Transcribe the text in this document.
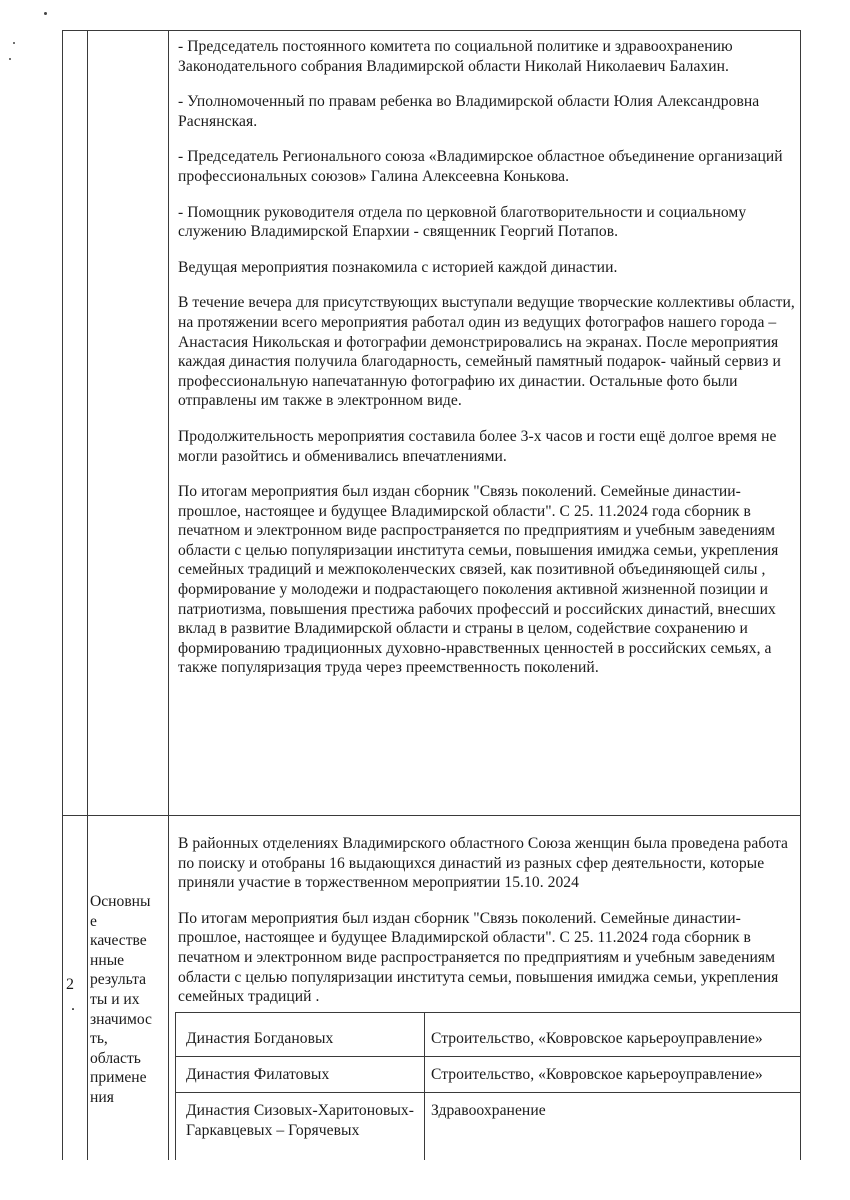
- Председатель постоянного комитета по социальной политике и здравоохранению Законодательного собрания Владимирской области Николай Николаевич Балахин.

- Уполномоченный по правам ребенка во Владимирской области Юлия Александровна Раснянская.

- Председатель Регионального союза «Владимирское областное объединение организаций профессиональных союзов» Галина Алексеевна Конькова.

- Помощник руководителя отдела по церковной благотворительности и социальному служению Владимирской Епархии - священник Георгий Потапов.

Ведущая мероприятия познакомила с историей каждой династии.

В течение вечера для присутствующих выступали ведущие творческие коллективы области, на протяжении всего мероприятия работал один из ведущих фотографов нашего города – Анастасия Никольская и фотографии демонстрировались на экранах. После мероприятия каждая династия получила благодарность, семейный памятный подарок- чайный сервиз и профессиональную напечатанную фотографию их династии. Остальные фото были отправлены им также в электронном виде.

Продолжительность мероприятия составила более 3-х часов и гости ещё долгое время не могли разойтись и обменивались впечатлениями.

По итогам мероприятия был издан сборник "Связь поколений. Семейные династии- прошлое, настоящее и будущее Владимирской области". С 25. 11.2024 года сборник в печатном и электронном виде распространяется по предприятиям и учебным заведениям области с целью популяризации института семьи, повышения имиджа семьи, укрепления семейных традиций и межпоколенческих связей, как позитивной объединяющей силы , формирование у молодежи и подрастающего поколения активной жизненной позиции и патриотизма, повышения престижа рабочих профессий и российских династий, внесших вклад в развитие Владимирской области и страны в целом, содействие сохранению и формированию традиционных духовно-нравственных ценностей в российских семьях, а также популяризация труда через преемственность поколений.

2
.
Основны
е
качестве
нные
результа
ты и их
значимос
ть,
область
примене
ния

В районных отделениях Владимирского областного Союза женщин была проведена работа по поиску и отобраны 16 выдающихся династий из разных сфер деятельности, которые приняли участие в торжественном мероприятии 15.10. 2024

По итогам мероприятия был издан сборник "Связь поколений. Семейные династии- прошлое, настоящее и будущее Владимирской области". С 25. 11.2024 года сборник в печатном и электронном виде распространяется по предприятиям и учебным заведениям области с целью популяризации института семьи, повышения имиджа семьи, укрепления семейных традиций .

Династия Богдановых	Строительство, «Ковровское карьероуправление»
Династия Филатовых	Строительство, «Ковровское карьероуправление»
Династия Сизовых-Харитоновых- Гаркавцевых – Горячевых
Здравоохранение
